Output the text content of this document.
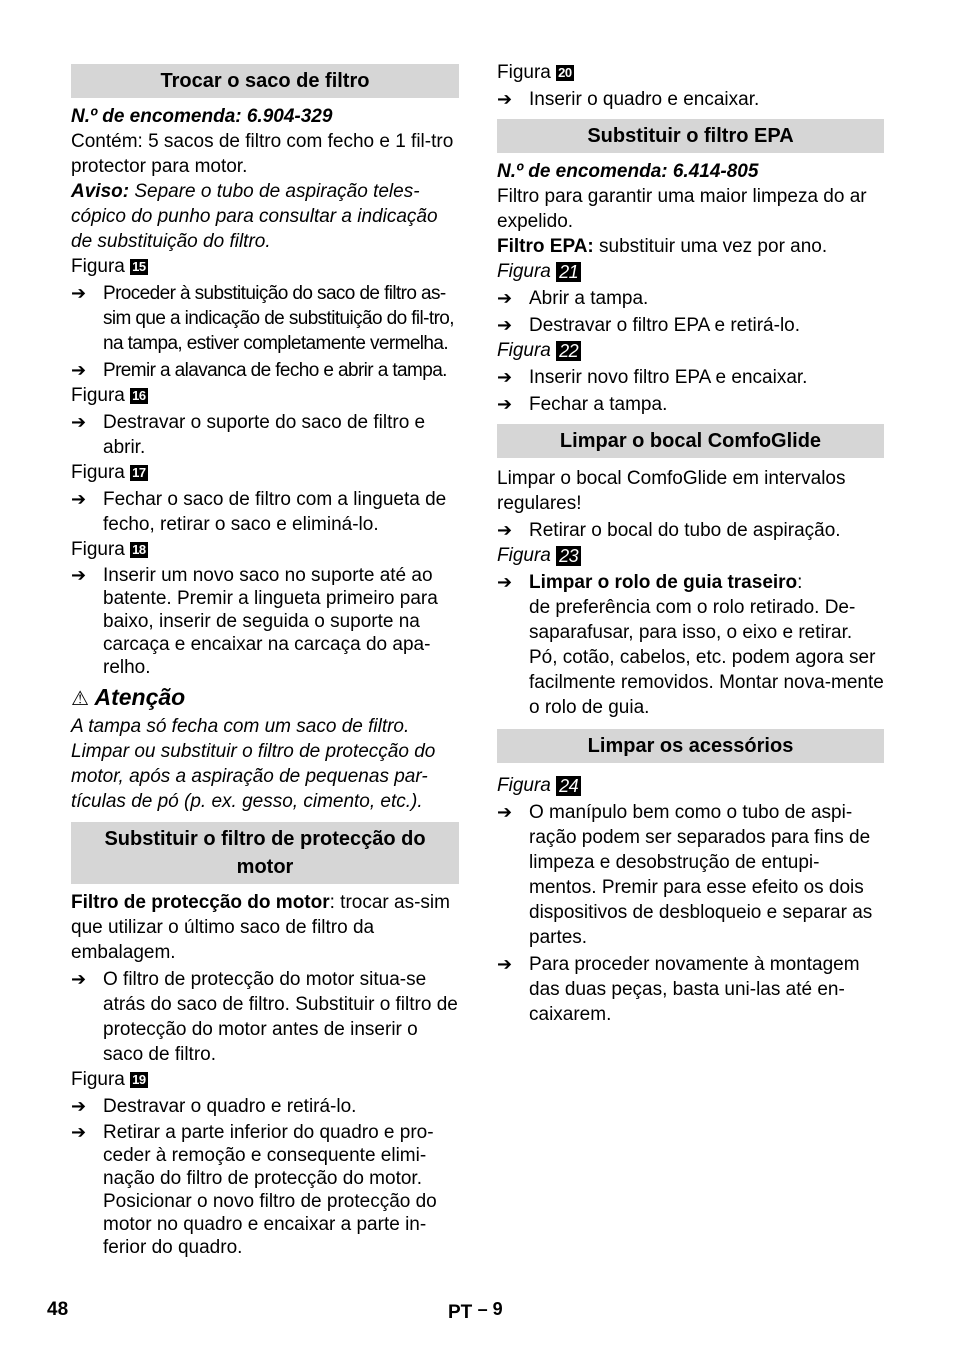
Trocar o saco de filtro

N.º de encomenda: 6.904-329

Contém: 5 sacos de filtro com fecho e 1 fil-tro protector para motor.

Aviso: Separe o tubo de aspiração teles-cópico do punho para consultar a indicação de substituição do filtro.

Figura 15

➔ Proceder à substituição do saco de filtro as-sim que a indicação de substituição do fil-tro, na tampa, estiver completamente vermelha.
➔ Premir a alavanca de fecho e abrir a tampa.

Figura 16

➔ Destravar o suporte do saco de filtro e abrir.

Figura 17

➔ Fechar o saco de filtro com a lingueta de fecho, retirar o saco e eliminá-lo.

Figura 18

➔ Inserir um novo saco no suporte até ao batente. Premir a lingueta primeiro para baixo, inserir de seguida o suporte na carcaça e encaixar na carcaça do apa-relho.

⚠ Atenção

A tampa só fecha com um saco de filtro. Limpar ou substituir o filtro de protecção do motor, após a aspiração de pequenas par-tículas de pó (p. ex. gesso, cimento, etc.).

Substituir o filtro de protecção do motor

Filtro de protecção do motor: trocar as-sim que utilizar o último saco de filtro da embalagem.

➔ O filtro de protecção do motor situa-se atrás do saco de filtro. Substituir o filtro de protecção do motor antes de inserir o saco de filtro.

Figura 19

➔ Destravar o quadro e retirá-lo.
➔ Retirar a parte inferior do quadro e pro-ceder à remoção e consequente elimi-nação do filtro de protecção do motor. Posicionar o novo filtro de protecção do motor no quadro e encaixar a parte in-ferior do quadro.

Figura 20

➔ Inserir o quadro e encaixar.
Substituir o filtro EPA

N.º de encomenda: 6.414-805

Filtro para garantir uma maior limpeza do ar expelido.

Filtro EPA: substituir uma vez por ano.

Figura 21

➔ Abrir a tampa.
➔ Destravar o filtro EPA e retirá-lo.

Figura 22

➔ Inserir novo filtro EPA e encaixar.
➔ Fechar a tampa.
Limpar o bocal ComfoGlide

Limpar o bocal ComfoGlide em intervalos regulares!

➔ Retirar o bocal do tubo de aspiração.

Figura 23

➔ Limpar o rolo de guia traseiro:

de preferência com o rolo retirado. De-saparafusar, para isso, o eixo e retirar. Pó, cotão, cabelos, etc. podem agora ser facilmente removidos. Montar nova-mente o rolo de guia.

Limpar os acessórios

Figura 24

➔ O manípulo bem como o tubo de aspi-ração podem ser separados para fins de limpeza e desobstrução de entupi-mentos. Premir para esse efeito os dois dispositivos de desbloqueio e separar as partes.
➔ Para proceder novamente à montagem das duas peças, basta uni-las até en-caixarem.
48	PT – 9
